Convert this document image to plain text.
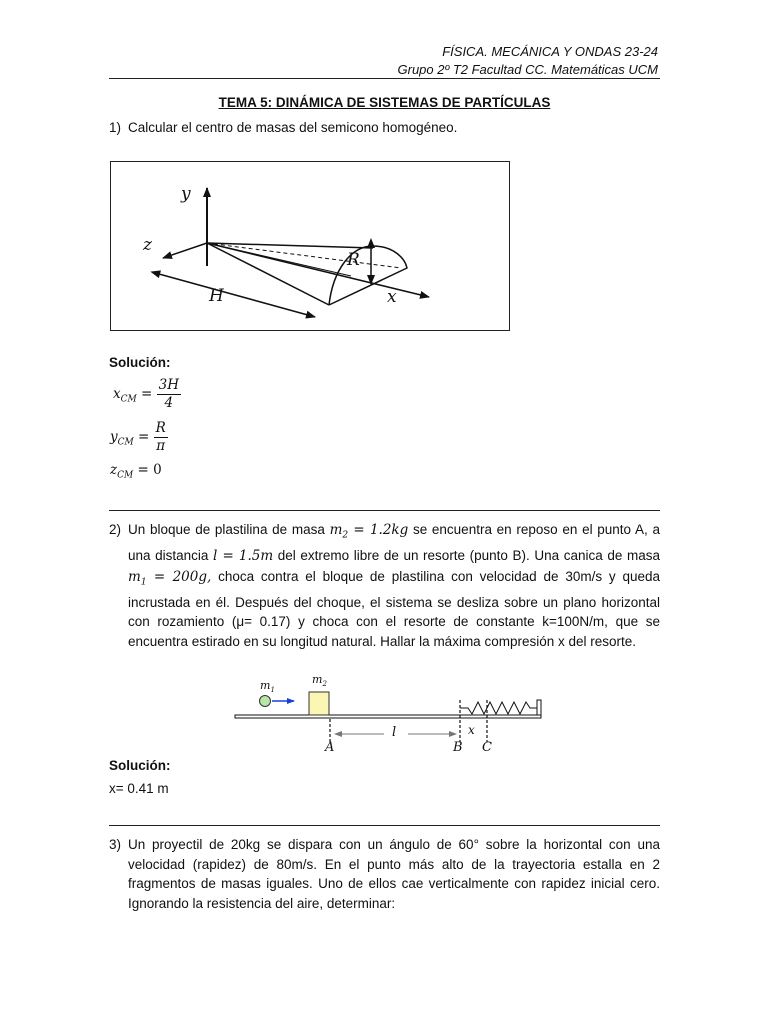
FÍSICA. MECÁNICA Y ONDAS 23-24
Grupo 2º T2 Facultad CC. Matemáticas UCM
TEMA 5: DINÁMICA DE SISTEMAS DE PARTÍCULAS
1) Calcular el centro de masas del semicono homogéneo.
y
z
x
H
R
Solución:
$x_{CM} = \frac{3H}{4}$
$y_{CM} = \frac{R}{\pi}$
$z_{CM} = 0$
2) Un bloque de plastilina de masa $m_2 = 1.2kg$ se encuentra en reposo en el punto A, a una distancia l = 1.5m del extremo libre de un resorte (punto B). Una canica de masa $m_1 = 200g$, choca contra el bloque de plastilina con velocidad de 30m/s y queda incrustada en él. Después del choque, el sistema se desliza sobre un plano horizontal con rozamiento (μ= 0.17) y choca con el resorte de constante k=100N/m, que se encuentra estirado en su longitud natural. Hallar la máxima compresión x del resorte.
$m_1$
$m_2$
A
l
B
x
C
Solución:
x= 0.41 m
3) Un proyectil de 20kg se dispara con un ángulo de 60° sobre la horizontal con una velocidad (rapidez) de 80m/s. En el punto más alto de la trayectoria estalla en 2 fragmentos de masas iguales. Uno de ellos cae verticalmente con rapidez inicial cero. Ignorando la resistencia del aire, determinar:
